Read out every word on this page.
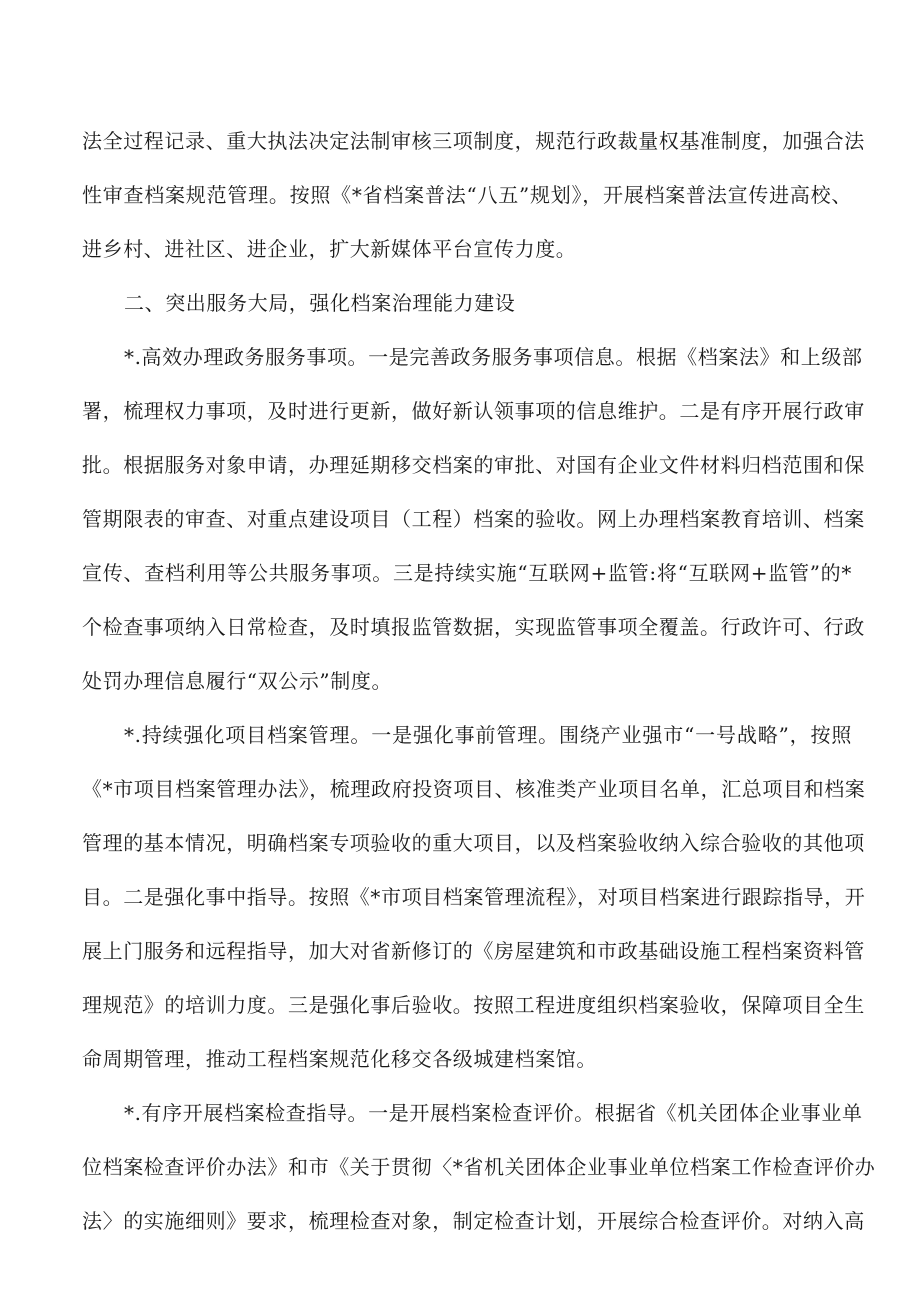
法全过程记录、重大执法决定法制审核三项制度，规范行政裁量权基准制度，加强合法
性审查档案规范管理。按照《*省档案普法“八五”规划》，开展档案普法宣传进高校、
进乡村、进社区、进企业，扩大新媒体平台宣传力度。
二、突出服务大局，强化档案治理能力建设
*.高效办理政务服务事项。一是完善政务服务事项信息。根据《档案法》和上级部
署，梳理权力事项，及时进行更新，做好新认领事项的信息维护。二是有序开展行政审
批。根据服务对象申请，办理延期移交档案的审批、对国有企业文件材料归档范围和保
管期限表的审查、对重点建设项目（工程）档案的验收。网上办理档案教育培训、档案
宣传、查档利用等公共服务事项。三是持续实施“互联网+监管:将“互联网+监管”的*
个检查事项纳入日常检查，及时填报监管数据，实现监管事项全覆盖。行政许可、行政
处罚办理信息履行“双公示”制度。
*.持续强化项目档案管理。一是强化事前管理。围绕产业强市“一号战略”，按照
《*市项目档案管理办法》，梳理政府投资项目、核准类产业项目名单，汇总项目和档案
管理的基本情况，明确档案专项验收的重大项目，以及档案验收纳入综合验收的其他项
目。二是强化事中指导。按照《*市项目档案管理流程》，对项目档案进行跟踪指导，开
展上门服务和远程指导，加大对省新修订的《房屋建筑和市政基础设施工程档案资料管
理规范》的培训力度。三是强化事后验收。按照工程进度组织档案验收，保障项目全生
命周期管理，推动工程档案规范化移交各级城建档案馆。
*.有序开展档案检查指导。一是开展档案检查评价。根据省《机关团体企业事业单
位档案检查评价办法》和市《关于贯彻〈*省机关团体企业事业单位档案工作检查评价办
法〉的实施细则》要求，梳理检查对象，制定检查计划，开展综合检查评价。对纳入高
